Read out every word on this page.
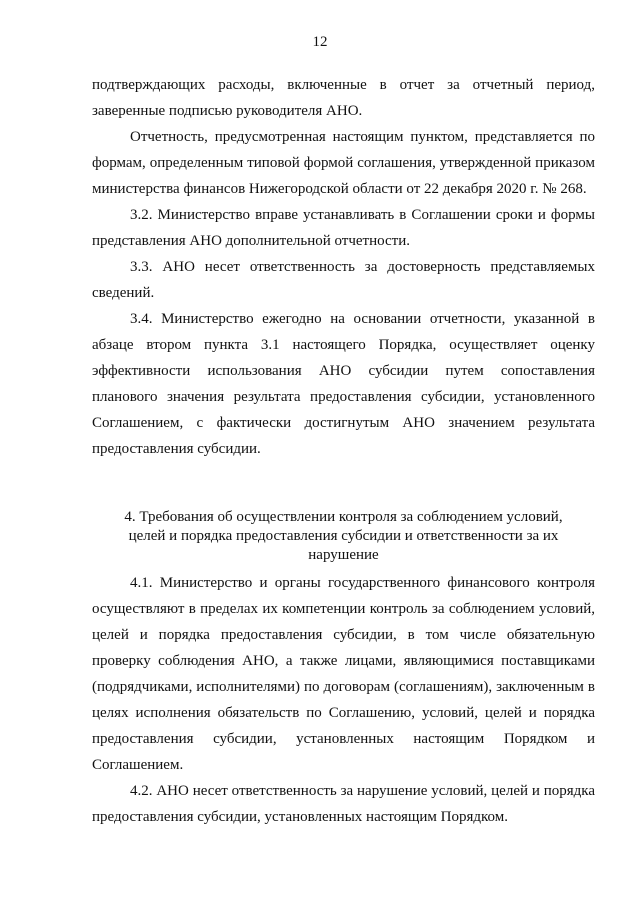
12

подтверждающих расходы, включенные в отчет за отчетный период, заверенные подписью руководителя АНО.

Отчетность, предусмотренная настоящим пунктом, представляется по формам, определенным типовой формой соглашения, утвержденной приказом министерства финансов Нижегородской области от 22 декабря 2020 г. № 268.

3.2. Министерство вправе устанавливать в Соглашении сроки и формы представления АНО дополнительной отчетности.

3.3. АНО несет ответственность за достоверность представляемых сведений.

3.4. Министерство ежегодно на основании отчетности, указанной в абзаце втором пункта 3.1 настоящего Порядка, осуществляет оценку эффективности использования АНО субсидии путем сопоставления планового значения результата предоставления субсидии, установленного Соглашением, с фактически достигнутым АНО значением результата предоставления субсидии.

4. Требования об осуществлении контроля за соблюдением условий,
целей и порядка предоставления субсидии и ответственности за их
нарушение

4.1. Министерство и органы государственного финансового контроля осуществляют в пределах их компетенции контроль за соблюдением условий, целей и порядка предоставления субсидии, в том числе обязательную проверку соблюдения АНО, а также лицами, являющимися поставщиками (подрядчиками, исполнителями) по договорам (соглашениям), заключенным в целях исполнения обязательств по Соглашению, условий, целей и порядка предоставления субсидии, установленных настоящим Порядком и Соглашением.

4.2. АНО несет ответственность за нарушение условий, целей и порядка предоставления субсидии, установленных настоящим Порядком.
